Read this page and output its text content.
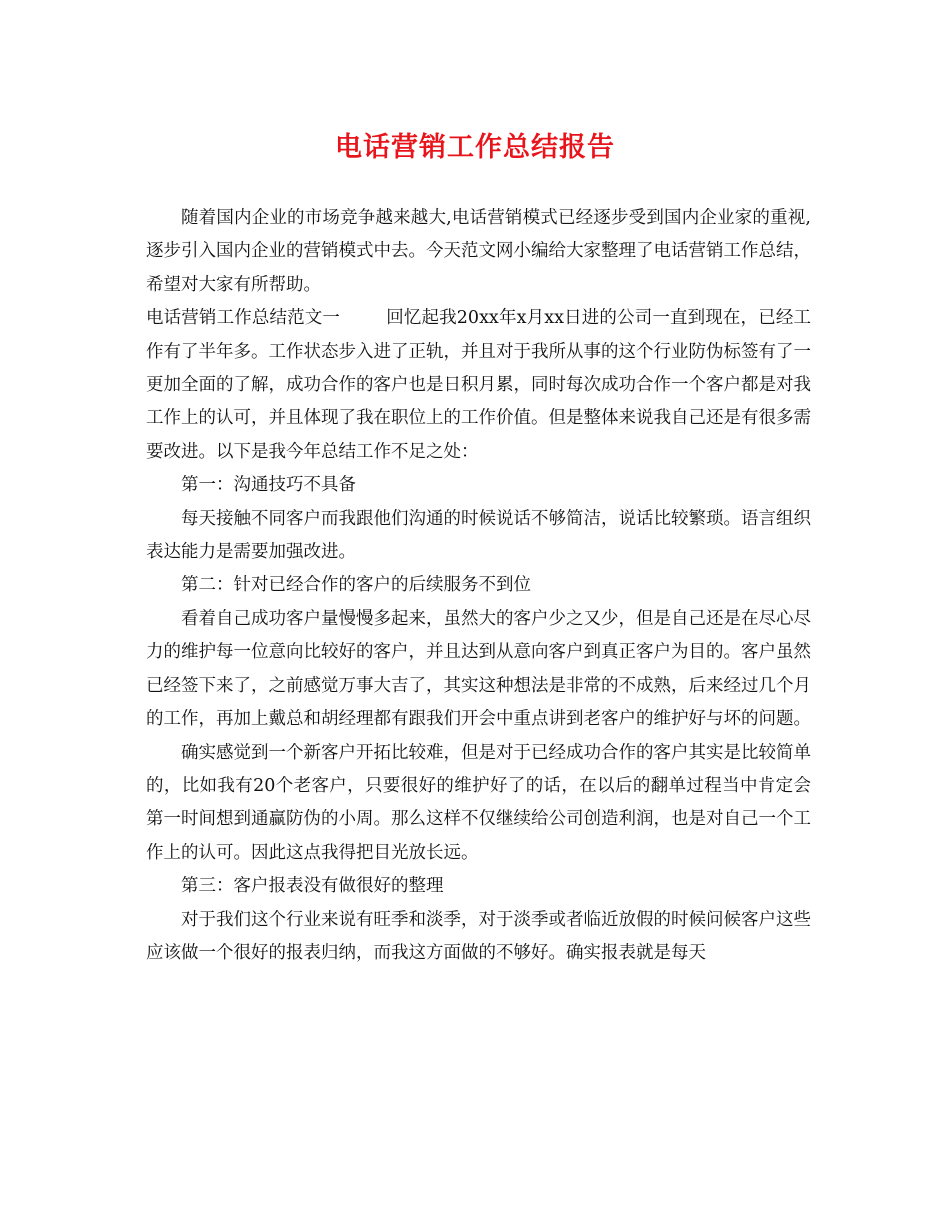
电话营销工作总结报告

随着国内企业的市场竞争越来越大,电话营销模式已经逐步受到国内企业家的重视,逐步引入国内企业的营销模式中去。今天范文网小编给大家整理了电话营销工作总结，希望对大家有所帮助。

电话营销工作总结范文一	回忆起我20xx年x月xx日进的公司一直到现在，已经工作有了半年多。工作状态步入进了正轨，并且对于我所从事的这个行业防伪标签有了一更加全面的了解，成功合作的客户也是日积月累，同时每次成功合作一个客户都是对我工作上的认可，并且体现了我在职位上的工作价值。但是整体来说我自己还是有很多需要改进。以下是我今年总结工作不足之处：

第一：沟通技巧不具备

每天接触不同客户而我跟他们沟通的时候说话不够简洁，说话比较繁琐。语言组织表达能力是需要加强改进。

第二：针对已经合作的客户的后续服务不到位

看着自己成功客户量慢慢多起来，虽然大的客户少之又少，但是自己还是在尽心尽力的维护每一位意向比较好的客户，并且达到从意向客户到真正客户为目的。客户虽然已经签下来了，之前感觉万事大吉了，其实这种想法是非常的不成熟，后来经过几个月的工作，再加上戴总和胡经理都有跟我们开会中重点讲到老客户的维护好与坏的问题。

确实感觉到一个新客户开拓比较难，但是对于已经成功合作的客户其实是比较简单的，比如我有20个老客户，只要很好的维护好了的话，在以后的翻单过程当中肯定会第一时间想到通赢防伪的小周。那么这样不仅继续给公司创造利润，也是对自己一个工作上的认可。因此这点我得把目光放长远。

第三：客户报表没有做很好的整理

对于我们这个行业来说有旺季和淡季，对于淡季或者临近放假的时候问候客户这些应该做一个很好的报表归纳，而我这方面做的不够好。确实报表就是每天
